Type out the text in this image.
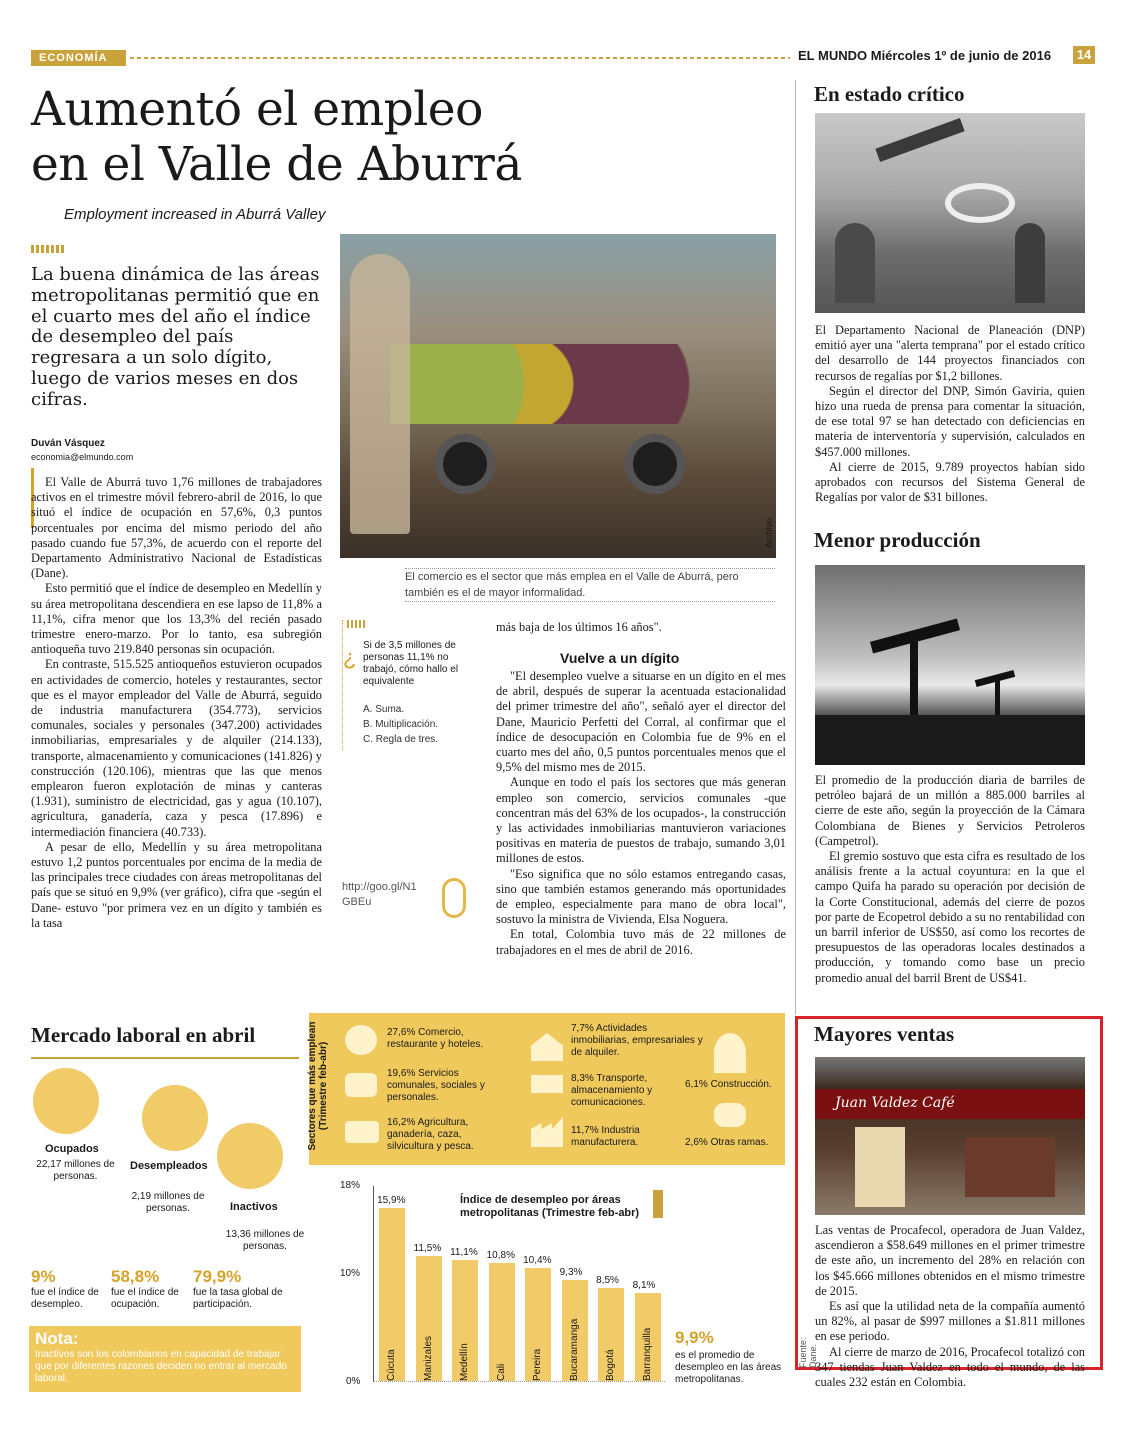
ECONOMÍA	EL MUNDO Miércoles 1º de junio de 2016 14
Aumentó el empleo
en el Valle de Aburrá
Employment increased in Aburrá Valley
La buena dinámica de las áreas metropolitanas permitió que en el cuarto mes del año el índice de desempleo del país regresara a un solo dígito, luego de varios meses en dos cifras.
Archivo
El comercio es el sector que más emplea en el Valle de Aburrá, pero también es el de mayor informalidad.
Duván Vásquez
economia@elmundo.com

El Valle de Aburrá tuvo 1,76 millones de trabajadores activos en el trimestre móvil febrero-abril de 2016, lo que situó el índice de ocupación en 57,6%, 0,3 puntos porcentuales por encima del mismo periodo del año pasado cuando fue 57,3%, de acuerdo con el reporte del Departamento Administrativo Nacional de Estadísticas (Dane).

Esto permitió que el índice de desempleo en Medellín y su área metropolitana descendiera en ese lapso de 11,8% a 11,1%, cifra menor que los 13,3% del recién pasado trimestre enero-marzo. Por lo tanto, esa subregión antioqueña tuvo 219.840 personas sin ocupación.

En contraste, 515.525 antioqueños estuvieron ocupados en actividades de comercio, hoteles y restaurantes, sector que es el mayor empleador del Valle de Aburrá, seguido de industria manufacturera (354.773), servicios comunales, sociales y personales (347.200) actividades inmobiliarias, empresariales y de alquiler (214.133), transporte, almacenamiento y comunicaciones (141.826) y construcción (120.106), mientras que las que menos emplearon fueron explotación de minas y canteras (1.931), suministro de electricidad, gas y agua (10.107), agricultura, ganadería, caza y pesca (17.896) e intermediación financiera (40.733).

A pesar de ello, Medellín y su área metropolitana estuvo 1,2 puntos porcentuales por encima de la media de las principales trece ciudades con áreas metropolitanas del país que se situó en 9,9% (ver gráfico), cifra que -según el Dane- estuvo "por primera vez en un dígito y también es la tasa

¿ Si de 3,5 millones de personas 11,1% no trabajó, cómo hallo el equivalente
A. Suma.
B. Multiplicación.
C. Regla de tres.
http://goo.gl/N1GBEu
más baja de los últimos 16 años".
Vuelve a un dígito

"El desempleo vuelve a situarse en un dígito en el mes de abril, después de superar la acentuada estacionalidad del primer trimestre del año", señaló ayer el director del Dane, Mauricio Perfetti del Corral, al confirmar que el índice de desocupación en Colombia fue de 9% en el cuarto mes del año, 0,5 puntos porcentuales menos que el 9,5% del mismo mes de 2015.

Aunque en todo el país los sectores que más generan empleo son comercio, servicios comunales -que concentran más del 63% de los ocupados-, la construcción y las actividades inmobiliarias mantuvieron variaciones positivas en materia de puestos de trabajo, sumando 3,01 millones de estos.

"Eso significa que no sólo estamos entregando casas, sino que también estamos generando más oportunidades de empleo, especialmente para mano de obra local", sostuvo la ministra de Vivienda, Elsa Noguera.

En total, Colombia tuvo más de 22 millones de trabajadores en el mes de abril de 2016.

En estado crítico

El Departamento Nacional de Planeación (DNP) emitió ayer una "alerta temprana" por el estado crítico del desarrollo de 144 proyectos financiados con recursos de regalías por $1,2 billones.

Según el director del DNP, Simón Gaviria, quien hizo una rueda de prensa para comentar la situación, de ese total 97 se han detectado con deficiencias en materia de interventoría y supervisión, calculados en $457.000 millones.

Al cierre de 2015, 9.789 proyectos habían sido aprobados con recursos del Sistema General de Regalías por valor de $31 billones.

Menor producción

El promedio de la producción diaria de barriles de petróleo bajará de un millón a 885.000 barriles al cierre de este año, según la proyección de la Cámara Colombiana de Bienes y Servicios Petroleros (Campetrol).

El gremio sostuvo que esta cifra es resultado de los análisis frente a la actual coyuntura: en la que el campo Quifa ha parado su operación por decisión de la Corte Constitucional, además del cierre de pozos por parte de Ecopetrol debido a su no rentabilidad con un barril inferior de US$50, así como los recortes de presupuestos de las operadoras locales destinados a producción, y tomando como base un precio promedio anual del barril Brent de US$41.

Mayores ventas
Juan Valdez Café

Las ventas de Procafecol, operadora de Juan Valdez, ascendieron a $58.649 millones en el primer trimestre de este año, un incremento del 28% en relación con los $45.666 millones obtenidos en el mismo trimestre de 2015.

Es así que la utilidad neta de la compañía aumentó un 82%, al pasar de $997 millones a $1.811 millones en ese periodo.

Al cierre de marzo de 2016, Procafecol totalizó con 347 tiendas Juan Valdez en todo el mundo, de las cuales 232 están en Colombia.

Mercado laboral en abril
Ocupados
22,17 millones de personas.
Desempleados
2,19 millones de personas.	Inactivos
13,36 millones de personas.
9%
fue el índice de desempleo.
58,8%
fue el índice de ocupación.
79,9%
fue la tasa global de participación.
Nota:
Inactivos son los colombianos en capacidad de trabajar que por diferentes razones deciden no entrar al mercado laboral.
Sectores que más emplean (Trimestre feb-abr)
27,6% Comercio, restaurante y hoteles.
7,7% Actividades inmobiliarias, empresariales y de alquiler.
19,6% Servicios comunales, sociales y personales.
8,3% Transporte, almacenamiento y comunicaciones.
6,1% Construcción.
16,2% Agricultura, ganadería, caza, silvicultura y pesca.
11,7% Industria manufacturera.	2,6% Otras ramas.
18%
10%
0%
15,9%
Cúcuta
11,5%
Manizales
11,1%
Medellín
10,8%
Cali
10,4%
Pereira
9,3%
Bucaramanga
8,5%
Bogotá
8,1%
Barranquilla
Índice de desempleo por áreas metropolitanas (Trimestre feb-abr)
Fuente: Dane.
9,9%
es el promedio de desempleo en las áreas metropolitanas.
